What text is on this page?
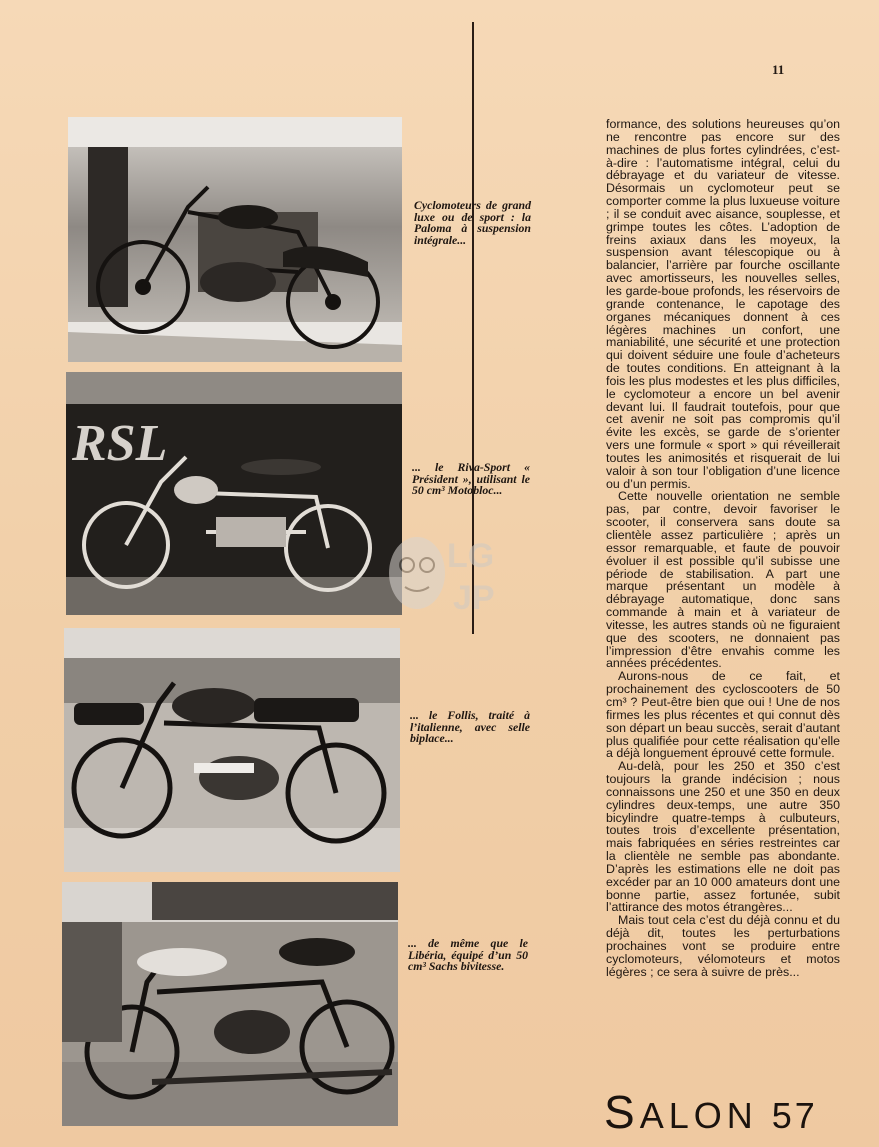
11
Cyclomoteurs de grand luxe ou de sport : la Paloma à suspension intégrale...
RSL	... le Riva-Sport « Président », utilisant le 50 cm³ Motobloc...
... le Follis, traité à l’italienne, avec selle biplace...
... de même que le Libéria, équipé d’un 50 cm³ Sachs bivitesse.
LG
JP

formance, des solutions heureuses qu’on ne rencontre pas encore sur des machines de plus fortes cylindrées, c’est-à-dire : l’automatisme intégral, celui du débrayage et du variateur de vitesse. Désormais un cyclomoteur peut se comporter comme la plus luxueuse voiture ; il se conduit avec aisance, souplesse, et grimpe toutes les côtes. L’adoption de freins axiaux dans les moyeux, la suspension avant télescopique ou à balancier, l’arrière par fourche oscillante avec amortisseurs, les nouvelles selles, les garde-boue profonds, les réservoirs de grande contenance, le capotage des organes mécaniques donnent à ces légères machines un confort, une maniabilité, une sécurité et une protection qui doivent séduire une foule d’acheteurs de toutes conditions. En atteignant à la fois les plus modestes et les plus difficiles, le cyclomoteur a encore un bel avenir devant lui. Il faudrait toutefois, pour que cet avenir ne soit pas compromis qu’il évite les excès, se garde de s’orienter vers une formule « sport » qui réveillerait toutes les animosités et risquerait de lui valoir à son tour l’obligation d’une licence ou d’un permis.

Cette nouvelle orientation ne semble pas, par contre, devoir favoriser le scooter, il conservera sans doute sa clientèle assez particulière ; après un essor remarquable, et faute de pouvoir évoluer il est possible qu’il subisse une période de stabilisation. A part une marque présentant un modèle à débrayage automatique, donc sans commande à main et à variateur de vitesse, les autres stands où ne figuraient que des scooters, ne donnaient pas l’impression d’être envahis comme les années précédentes.

Aurons-nous de ce fait, et prochainement des cycloscooters de 50 cm³ ? Peut-être bien que oui ! Une de nos firmes les plus récentes et qui connut dès son départ un beau succès, serait d’autant plus qualifiée pour cette réalisation qu’elle a déjà longuement éprouvé cette formule.

Au-delà, pour les 250 et 350 c’est toujours la grande indécision ; nous connaissons une 250 et une 350 en deux cylindres deux-temps, une autre 350 bicylindre quatre-temps à culbuteurs, toutes trois d’excellente présentation, mais fabriquées en séries restreintes car la clientèle ne semble pas abondante. D’après les estimations elle ne doit pas excéder par an 10 000 amateurs dont une bonne partie, assez fortunée, subit l’attirance des motos étrangères...

Mais tout cela c’est du déjà connu et du déjà dit, toutes les perturbations prochaines vont se produire entre cyclomoteurs, vélomoteurs et motos légères ; ce sera à suivre de près...

SALON 57
